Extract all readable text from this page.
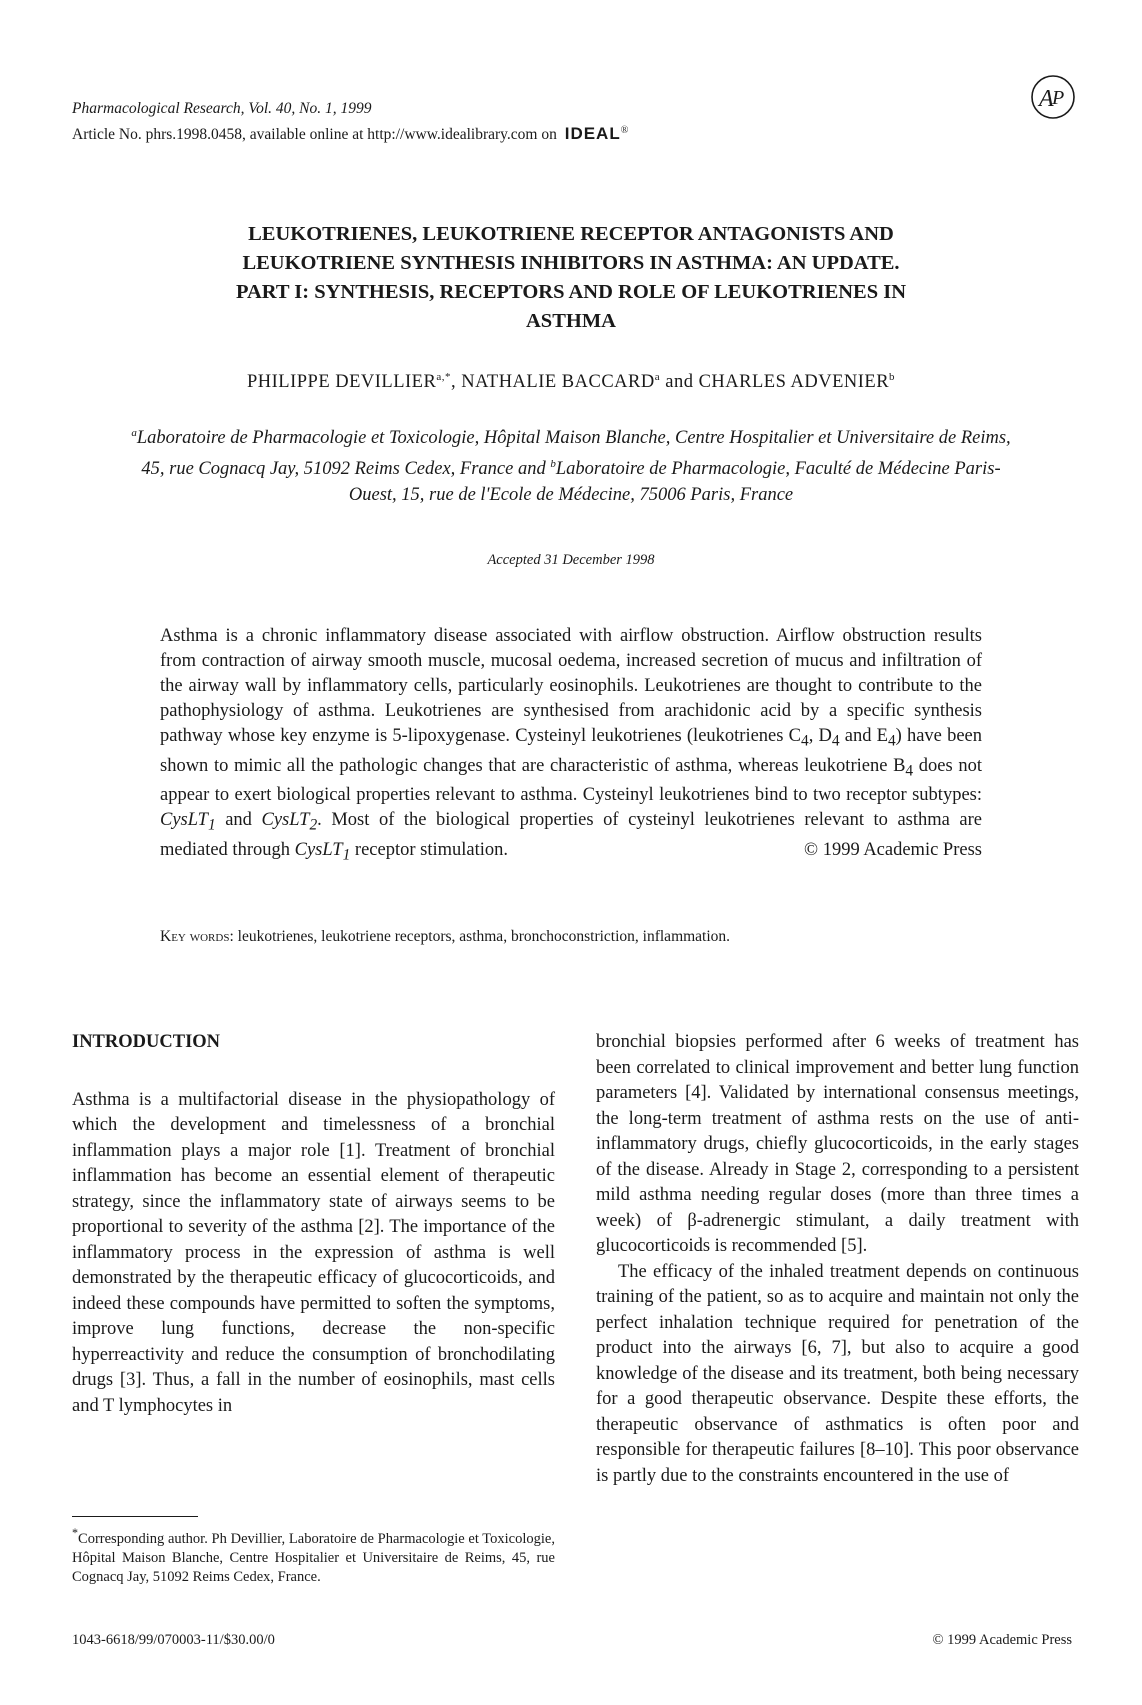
Pharmacological Research, Vol. 40, No. 1, 1999
Article No. phrs.1998.0458, available online at http://www.idealibrary.com on IDEAL®
A
P
LEUKOTRIENES, LEUKOTRIENE RECEPTOR ANTAGONISTS AND
LEUKOTRIENE SYNTHESIS INHIBITORS IN ASTHMA: AN UPDATE.
PART I: SYNTHESIS, RECEPTORS AND ROLE OF LEUKOTRIENES IN
ASTHMA
PHILIPPE $DEVILLIER^{a,*}$, NATHALIE BACCARD$^a$ and CHARLES ADVENIER$^b$
$^a$Laboratoire de Pharmacologie et Toxicologie, Hôpital Maison Blanche, Centre Hospitalier et Universitaire de Reims, 45, rue Cognacq Jay, 51092 Reims Cedex, France and $^b$Laboratoire de Pharmacologie, Faculté de Médecine Paris-Ouest, 15, rue de l'Ecole de Médecine, 75006 Paris, France
Accepted 31 December 1998

Asthma is a chronic inflammatory disease associated with airflow obstruction. Airflow obstruction results from contraction of airway smooth muscle, mucosal oedema, increased secretion of mucus and infiltration of the airway wall by inflammatory cells, particularly eosinophils. Leukotrienes are thought to contribute to the pathophysiology of asthma. Leukotrienes are synthesised from arachidonic acid by a specific synthesis pathway whose key enzyme is 5-lipoxygenase. Cysteinyl leukotrienes (leukotrienes $C_4$, $D_4$ and $E_4$) have been shown to mimic all the pathologic changes that are characteristic of asthma, whereas leukotriene $B_4$ does not appear to exert biological properties relevant to asthma. Cysteinyl leukotrienes bind to two receptor subtypes: CysLT$_1$ and CysLT$_2$. Most of the biological properties of cysteinyl leukotrienes relevant to asthma are mediated through CysLT$_1$ receptor stimulation.	© 1999 Academic Press

Key words: leukotrienes, leukotriene receptors, asthma, bronchoconstriction, inflammation.
INTRODUCTION

Asthma is a multifactorial disease in the physiopathology of which the development and timelessness of a bronchial inflammation plays a major role [1]. Treatment of bronchial inflammation has become an essential element of therapeutic strategy, since the inflammatory state of airways seems to be proportional to severity of the asthma [2]. The importance of the inflammatory process in the expression of asthma is well demonstrated by the therapeutic efficacy of glucocorticoids, and indeed these compounds have permitted to soften the symptoms, improve lung functions, decrease the non-specific hyperreactivity and reduce the consumption of bronchodilating drugs [3]. Thus, a fall in the number of eosinophils, mast cells and T lymphocytes in

bronchial biopsies performed after 6 weeks of treatment has been correlated to clinical improvement and better lung function parameters [4]. Validated by international consensus meetings, the long-term treatment of asthma rests on the use of anti-inflammatory drugs, chiefly glucocorticoids, in the early stages of the disease. Already in Stage 2, corresponding to a persistent mild asthma needing regular doses (more than three times a week) of β-adrenergic stimulant, a daily treatment with glucocorticoids is recommended [5].

The efficacy of the inhaled treatment depends on continuous training of the patient, so as to acquire and maintain not only the perfect inhalation technique required for penetration of the product into the airways [6, 7], but also to acquire a good knowledge of the disease and its treatment, both being necessary for a good therapeutic observance. Despite these efforts, the therapeutic observance of asthmatics is often poor and responsible for therapeutic failures [8–10]. This poor observance is partly due to the constraints encountered in the use of

*Corresponding author. Ph Devillier, Laboratoire de Pharmacologie et Toxicologie, Hôpital Maison Blanche, Centre Hospitalier et Universitaire de Reims, 45, rue Cognacq Jay, 51092 Reims Cedex, France.
1043-6618/99/070003-11/$30.00/0	© 1999 Academic Press
